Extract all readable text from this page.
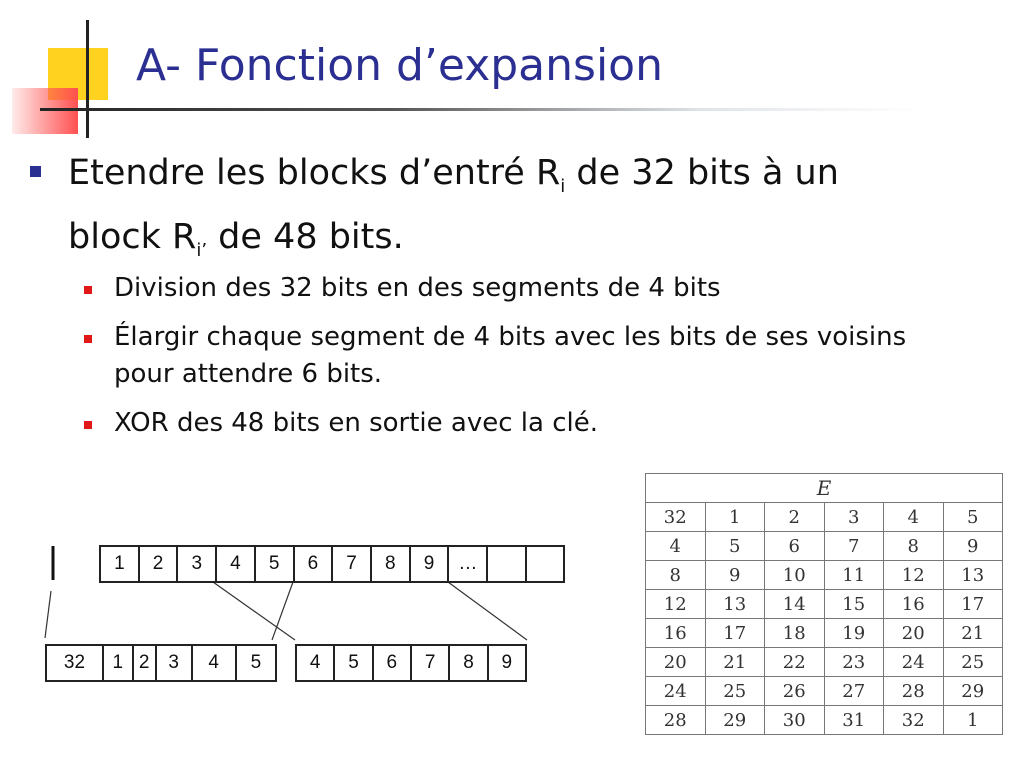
A- Fonction d’expansion

Etendre les blocks d’entré $R_i$ de 32 bits à un
block $R_{i’}$ de 48 bits.

Division des 32 bits en des segments de 4 bits
Élargir chaque segment de 4 bits avec les bits de ses voisins pour attendre 6 bits.
XOR des 48 bits en sortie avec la clé.
1	2	3	4	5	6	7	8	9	…		
32	1	2	3	4	5	4	5	6	7	8	9
E					
32	1	2	3	4	5
4	5	6	7	8	9
8	9	10	11	12	13
12	13	14	15	16	17
16	17	18	19	20	21
20	21	22	23	24	25
24	25	26	27	28	29
28	29	30	31	32	1
